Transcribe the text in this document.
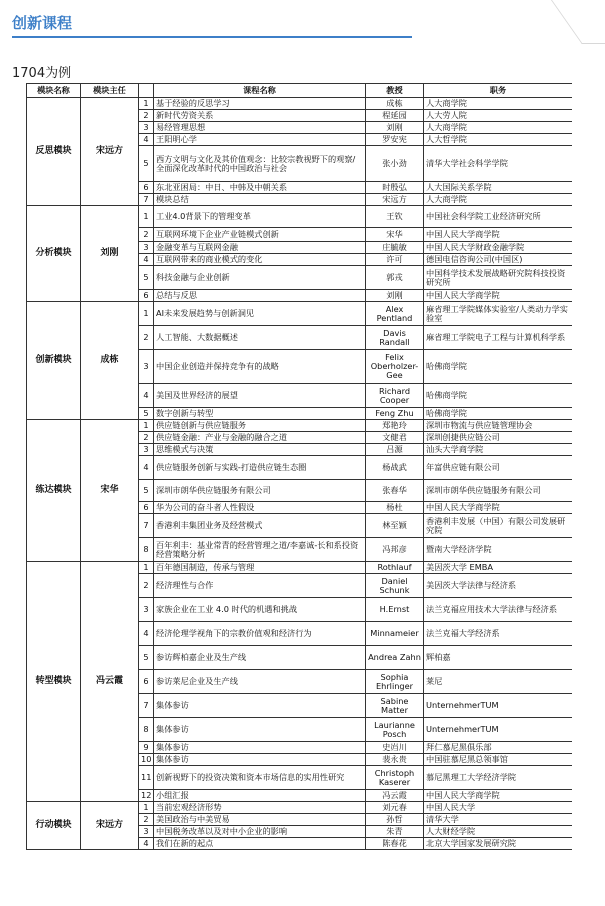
创新课程
1704为例
模块名称	模块主任		课程名称	教授	职务
反思模块	宋远方	1	基于经验的反思学习	成栋	人大商学院
		2	新时代劳资关系	程延园	人大劳人院
		3	易经管理思想	刘刚	人大商学院
		4	王阳明心学	罗安宪	人大哲学院
		5	西方文明与文化及其价值观念：比较宗教视野下的观察/全面深化改革时代的中国政治与社会	张小劲	清华大学社会科学学院
		6	东北亚困局：中日、中韩及中朝关系	时殷弘	人大国际关系学院
		7	模块总结	宋远方	人大商学院
分析模块	刘刚	1	工业4.0背景下的管理变革	王钦	中国社会科学院工业经济研究所
		2	互联网环境下企业产业链模式创新	宋华	中国人民大学商学院
		3	金融变革与互联网金融	庄毓敏	中国人民大学财政金融学院
		4	互联网带来的商业模式的变化	许可	德国电信咨询公司(中国区)
		5	科技金融与企业创新	郭戎	中国科学技术发展战略研究院科技投资研究所
		6	总结与反思	刘刚	中国人民大学商学院
创新模块	成栋	1	AI未来发展趋势与创新洞见	Alex Pentland	麻省理工学院媒体实验室/人类动力学实验室
		2	人工智能、大数据概述	Davis Randall	麻省理工学院电子工程与计算机科学系
		3	中国企业创造并保持竞争有的战略	Felix Oberholzer-Gee	哈佛商学院
		4	美国及世界经济的展望	Richard Cooper	哈佛商学院
		5	数字创新与转型	Feng Zhu	哈佛商学院
练达模块	宋华	1	供应链创新与供应链服务	郑艳玲	深圳市物流与供应链管理协会
		2	供应链金融：产业与金融的融合之道	文健君	深圳创捷供应链公司
		3	思维模式与决策	吕源	汕头大学商学院
		4	供应链服务创新与实践-打造供应链生态圈	杨战武	年富供应链有限公司
		5	深圳市朗华供应链服务有限公司	张春华	深圳市朗华供应链服务有限公司
		6	华为公司的奋斗者人性假设	杨杜	中国人民大学商学院
		7	香港利丰集团业务及经营模式	林至颖	香港利丰发展（中国）有限公司发展研究院
		8	百年利丰：基业常青的经营管理之道/李嘉诚-长和系投资经营策略分析	冯邦彦	暨南大学经济学院
转型模块	冯云霞	1	百年德国制造，传承与管理	Rothlauf	美因茨大学 EMBA
		2	经济理性与合作	Daniel Schunk	美因茨大学法律与经济系
		3	家族企业在工业 4.0 时代的机遇和挑战	H.Ernst	法兰克福应用技术大学法律与经济系
		4	经济伦理学视角下的宗教价值观和经济行为	Minnameier	法兰克福大学经济系
		5	参访辉柏嘉企业及生产线	Andrea Zahn	辉柏嘉
		6	参访莱尼企业及生产线	Sophia Ehrlinger	莱尼
		7	集体参访	Sabine Matter	UnternehmerTUM
		8	集体参访	Laurianne Posch	UnternehmerTUM
		9	集体参访	史岿川	拜仁慕尼黑俱乐部
		10	集体参访	裴永贵	中国驻慕尼黑总领事馆
		11	创新视野下的投资决策和资本市场信息的实用性研究	Christoph Kaserer	慕尼黑理工大学经济学院
		12	小组汇报	冯云霞	中国人民大学商学院
行动模块	宋远方	1	当前宏观经济形势	刘元春	中国人民大学
		2	美国政治与中美贸易	孙哲	清华大学
		3	中国税务改革以及对中小企业的影响	朱青	人大财经学院
		4	我们在新的起点	陈春花	北京大学国家发展研究院
